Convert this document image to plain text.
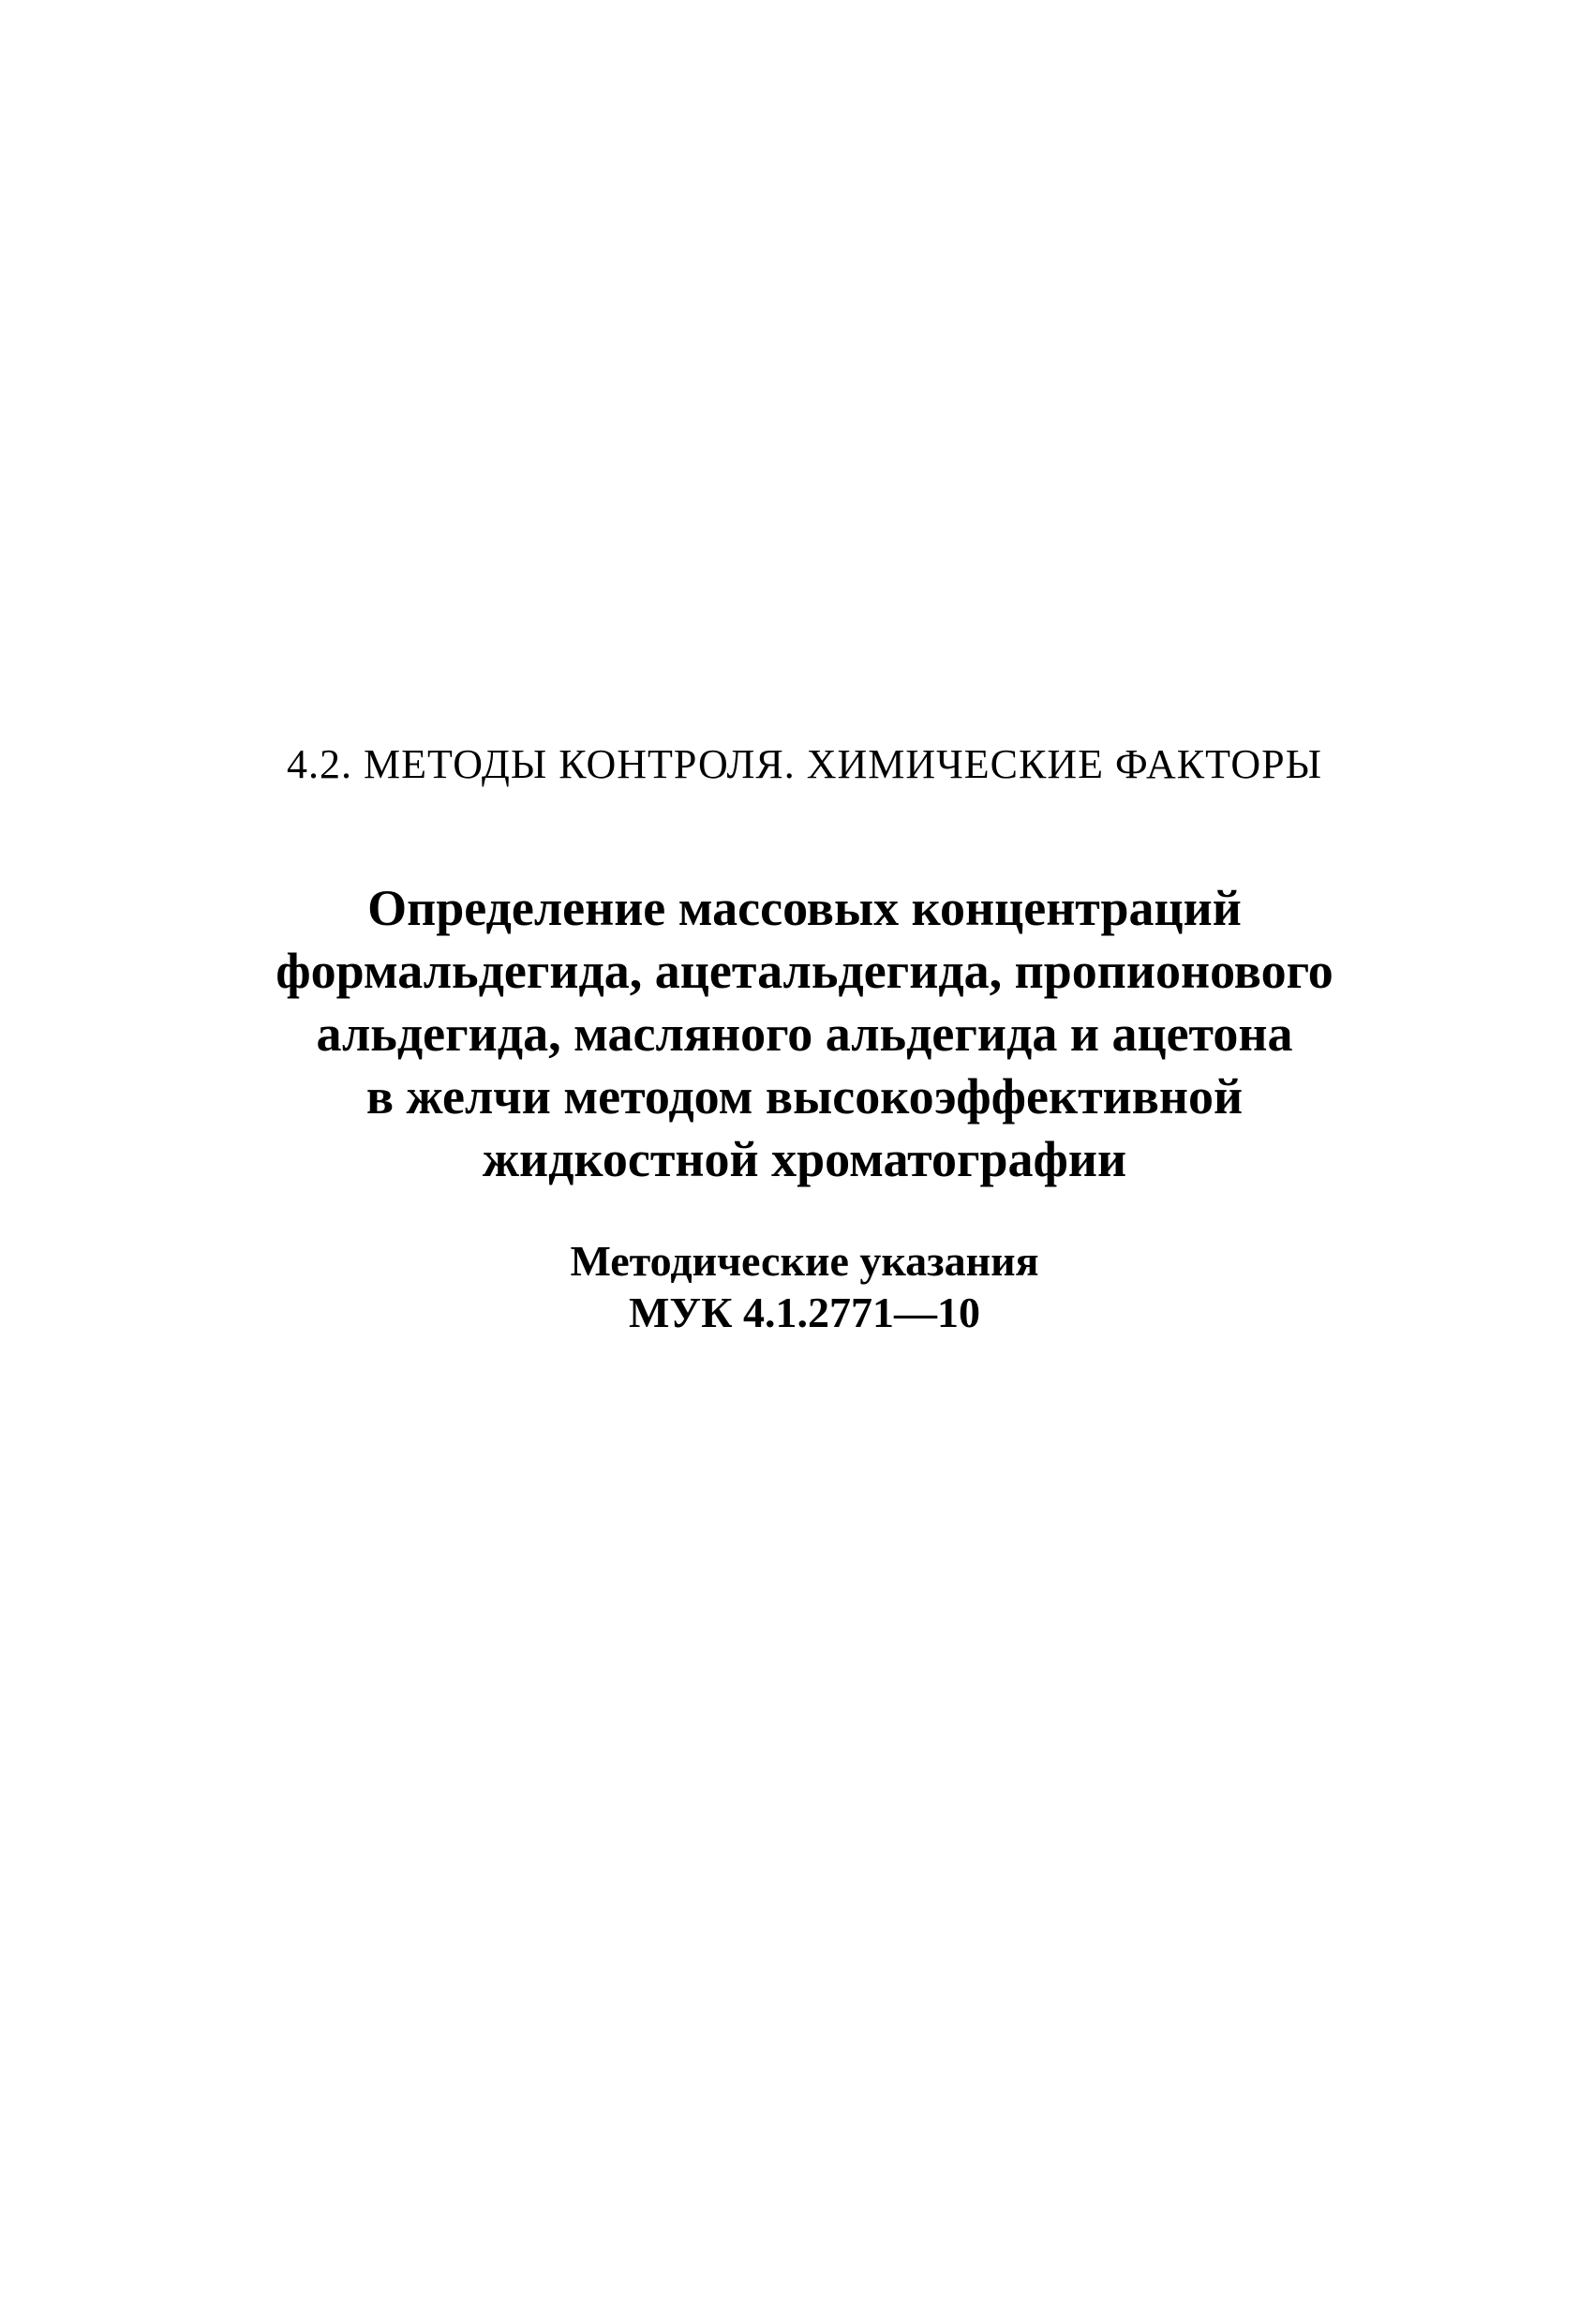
4.2. МЕТОДЫ КОНТРОЛЯ. ХИМИЧЕСКИЕ ФАКТОРЫ
Определение массовых концентраций
формальдегида, ацетальдегида, пропионового
альдегида, масляного альдегида и ацетона
в желчи методом высокоэффективной
жидкостной хроматографии
Методические указания
МУК 4.1.2771—10
